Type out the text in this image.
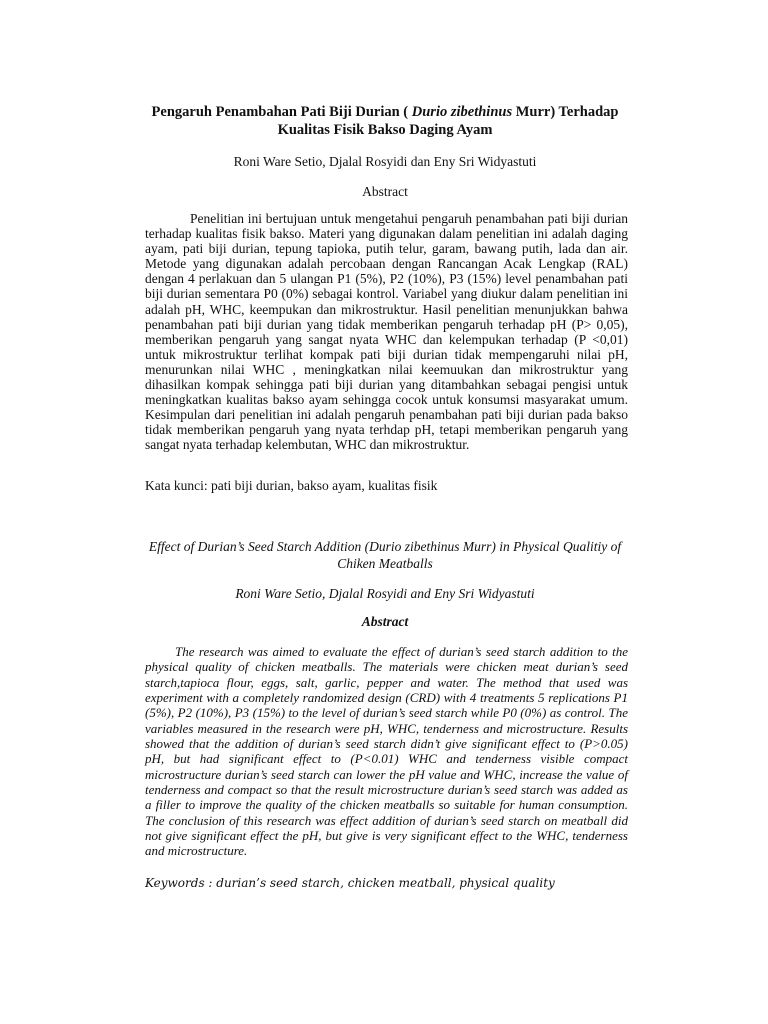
Pengaruh Penambahan Pati Biji Durian ( Durio zibethinus Murr) Terhadap Kualitas Fisik Bakso Daging Ayam
Roni Ware Setio, Djalal Rosyidi dan Eny Sri Widyastuti
Abstract
Penelitian ini bertujuan untuk mengetahui pengaruh penambahan pati biji durian terhadap kualitas fisik bakso. Materi yang digunakan dalam penelitian ini adalah daging ayam, pati biji durian, tepung tapioka, putih telur, garam, bawang putih, lada dan air. Metode yang digunakan adalah percobaan dengan Rancangan Acak Lengkap (RAL) dengan 4 perlakuan dan 5 ulangan P1 (5%), P2 (10%), P3 (15%) level penambahan pati biji durian sementara P0 (0%) sebagai kontrol. Variabel yang diukur dalam penelitian ini adalah pH, WHC, keempukan dan mikrostruktur. Hasil penelitian menunjukkan bahwa penambahan pati biji durian yang tidak memberikan pengaruh terhadap pH (P> 0,05), memberikan pengaruh yang sangat nyata WHC dan kelempukan terhadap (P <0,01) untuk mikrostruktur terlihat kompak pati biji durian tidak mempengaruhi nilai pH, menurunkan nilai WHC , meningkatkan nilai keemuukan dan mikrostruktur yang dihasilkan kompak sehingga pati biji durian yang ditambahkan sebagai pengisi untuk meningkatkan kualitas bakso ayam sehingga cocok untuk konsumsi masyarakat umum. Kesimpulan dari penelitian ini adalah pengaruh penambahan pati biji durian pada bakso tidak memberikan pengaruh yang nyata terhdap pH, tetapi memberikan pengaruh yang sangat nyata terhadap kelembutan, WHC dan mikrostruktur.
Kata kunci: pati biji durian, bakso ayam, kualitas fisik
Effect of Durian’s Seed Starch Addition (Durio zibethinus Murr) in Physical Qualitiy of Chiken Meatballs
Roni Ware Setio, Djalal Rosyidi and Eny Sri Widyastuti
Abstract
The research was aimed to evaluate the effect of durian’s seed starch addition to the physical quality of chicken meatballs. The materials were chicken meat durian’s seed starch,tapioca flour, eggs, salt, garlic, pepper and water. The method that used was experiment with a completely randomized design (CRD) with 4 treatments 5 replications P1 (5%), P2 (10%), P3 (15%) to the level of durian’s seed starch while P0 (0%) as control. The variables measured in the research were pH, WHC, tenderness and microstructure. Results showed that the addition of durian’s seed starch didn’t give significant effect to (P>0.05) pH, but had significant effect to (P<0.01) WHC and tenderness visible compact microstructure durian’s seed starch can lower the pH value and WHC, increase the value of tenderness and compact so that the result microstructure durian’s seed starch was added as a filler to improve the quality of the chicken meatballs so suitable for human consumption. The conclusion of this research was effect addition of durian’s seed starch on meatball did not give significant effect the pH, but give is very significant effect to the WHC, tenderness and microstructure.
Keywords : durian’s seed starch, chicken meatball, physical quality
